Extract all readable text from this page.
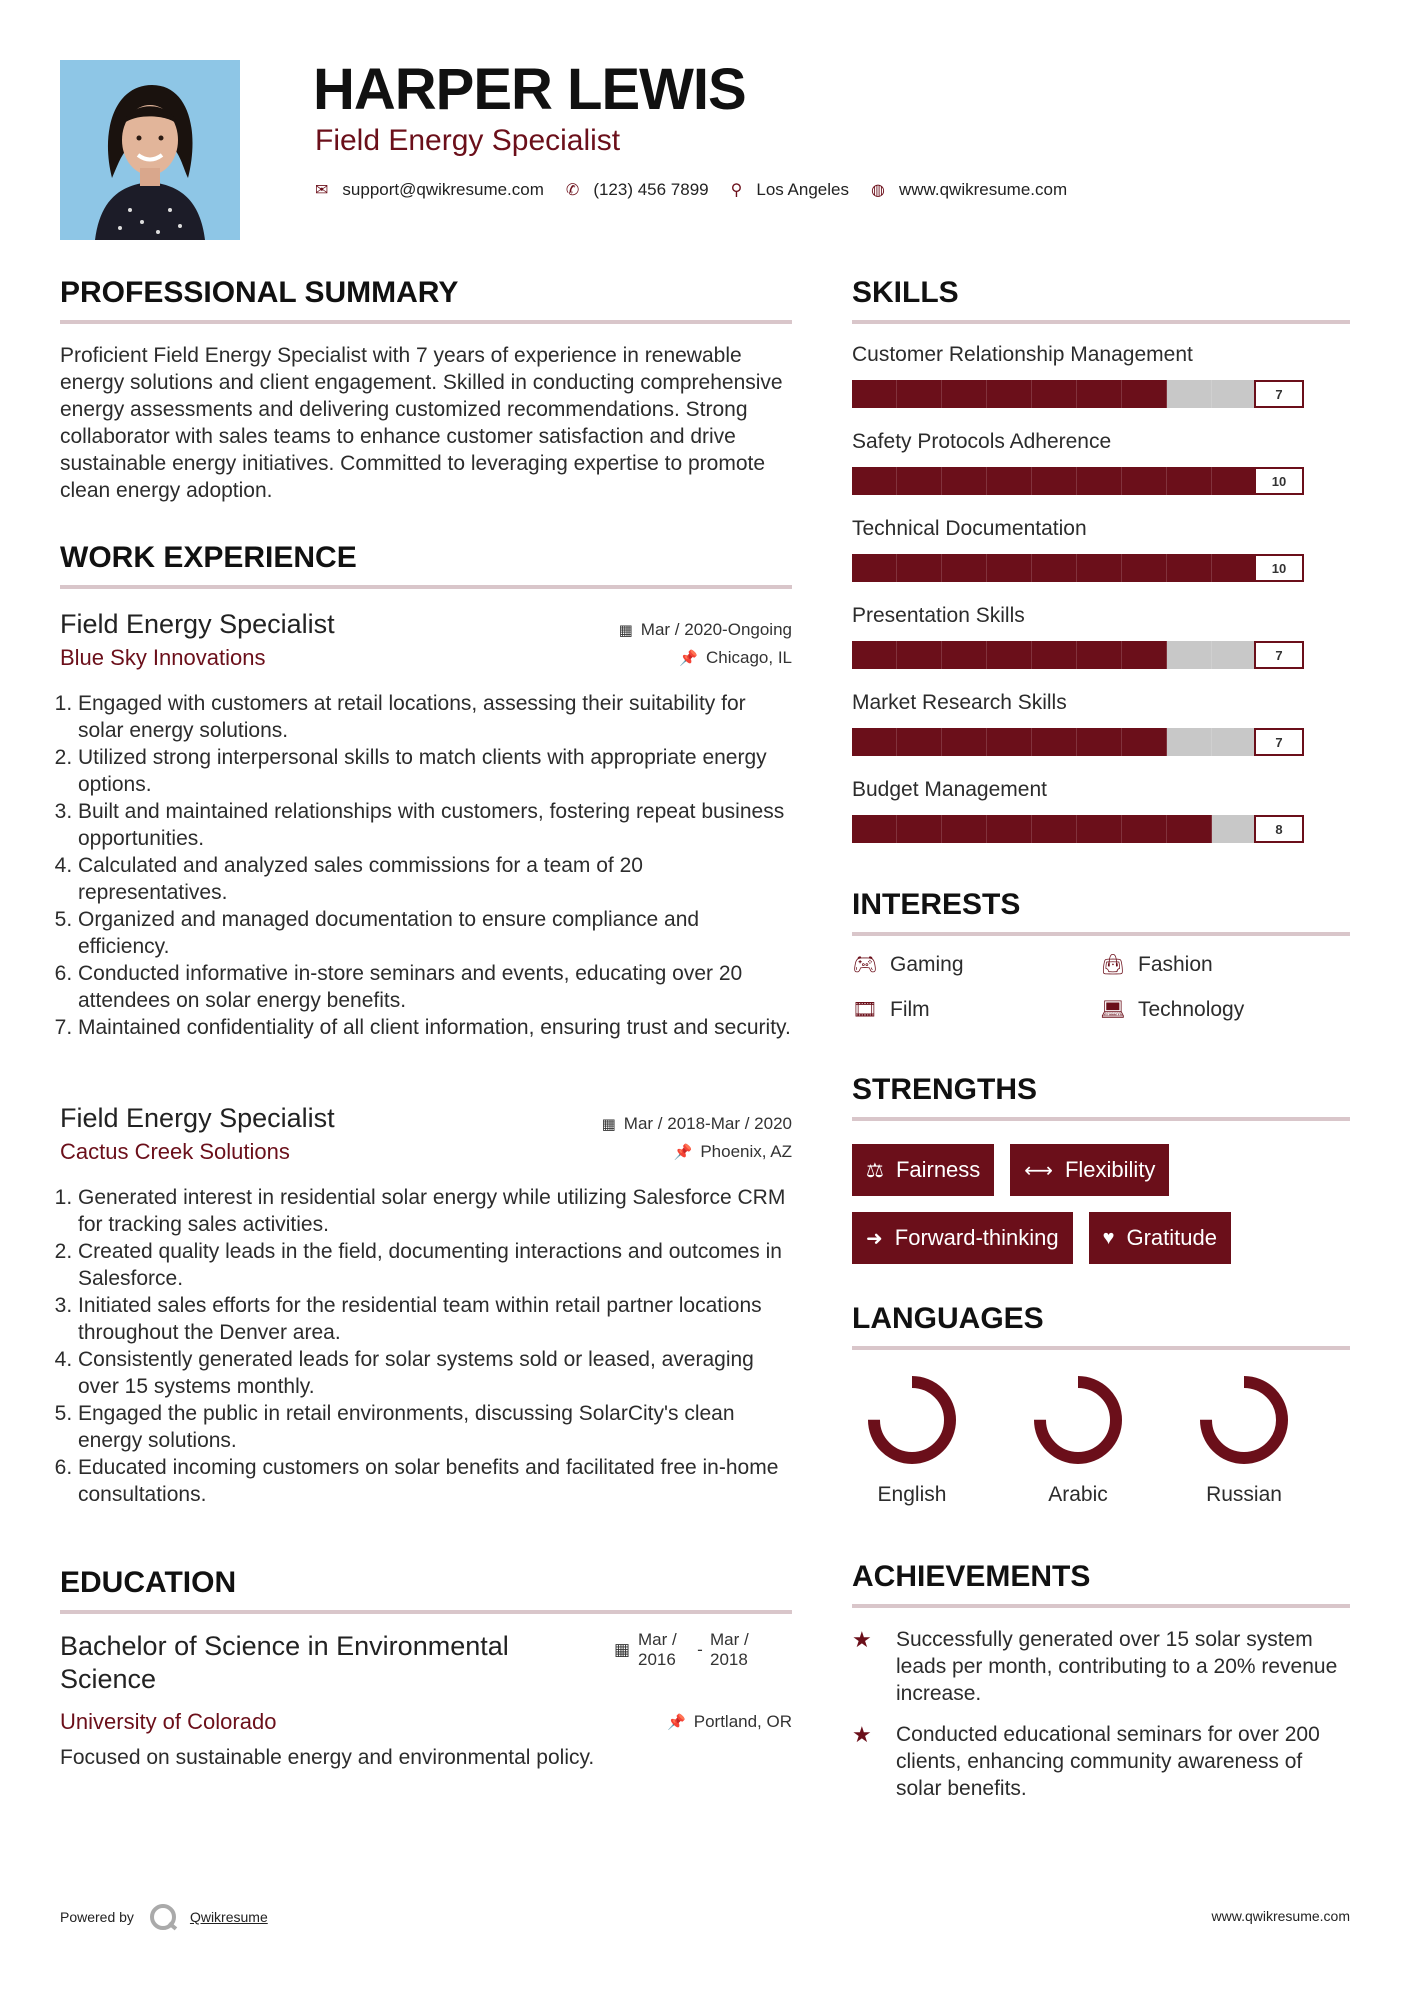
HARPER LEWIS
Field Energy Specialist
✉ support@qwikresume.com ✆ (123) 456 7899 ⚲ Los Angeles ◍ www.qwikresume.com
PROFESSIONAL SUMMARY
Proficient Field Energy Specialist with 7 years of experience in renewable energy solutions and client engagement. Skilled in conducting comprehensive energy assessments and delivering customized recommendations. Strong collaborator with sales teams to enhance customer satisfaction and drive sustainable energy initiatives. Committed to leveraging expertise to promote clean energy adoption.
WORK EXPERIENCE
Field Energy Specialist	▦ Mar / 2020-Ongoing
Blue Sky Innovations	📌 Chicago, IL
1. Engaged with customers at retail locations, assessing their suitability for solar energy solutions.
2. Utilized strong interpersonal skills to match clients with appropriate energy options.
3. Built and maintained relationships with customers, fostering repeat business opportunities.
4. Calculated and analyzed sales commissions for a team of 20 representatives.
5. Organized and managed documentation to ensure compliance and efficiency.
6. Conducted informative in-store seminars and events, educating over 20 attendees on solar energy benefits.
7. Maintained confidentiality of all client information, ensuring trust and security.
Field Energy Specialist	▦ Mar / 2018-Mar / 2020
Cactus Creek Solutions	📌 Phoenix, AZ
1. Generated interest in residential solar energy while utilizing Salesforce CRM for tracking sales activities.
2. Created quality leads in the field, documenting interactions and outcomes in Salesforce.
3. Initiated sales efforts for the residential team within retail partner locations throughout the Denver area.
4. Consistently generated leads for solar systems sold or leased, averaging over 15 systems monthly.
5. Engaged the public in retail environments, discussing SolarCity's clean energy solutions.
6. Educated incoming customers on solar benefits and facilitated free in-home consultations.
EDUCATION
Bachelor of Science in Environmental Science
▦
Mar / 2016
-
Mar / 2018
University of Colorado	📌 Portland, OR
Focused on sustainable energy and environmental policy.
SKILLS
Customer Relationship Management
7
Safety Protocols Adherence
10
Technical Documentation
10
Presentation Skills
7
Market Research Skills
7
Budget Management
8
INTERESTS
🎮︎ Gaming	👜︎ Fashion
🎞︎ Film	💻︎ Technology
STRENGTHS
⚖ Fairness ⟷ Flexibility
➜ Forward-thinking ♥ Gratitude
LANGUAGES
English	Arabic	Russian
ACHIEVEMENTS
★	Successfully generated over 15 solar system leads per month, contributing to a 20% revenue increase.
★	Conducted educational seminars for over 200 clients, enhancing community awareness of solar benefits.
Powered by	Qwikresume	www.qwikresume.com
